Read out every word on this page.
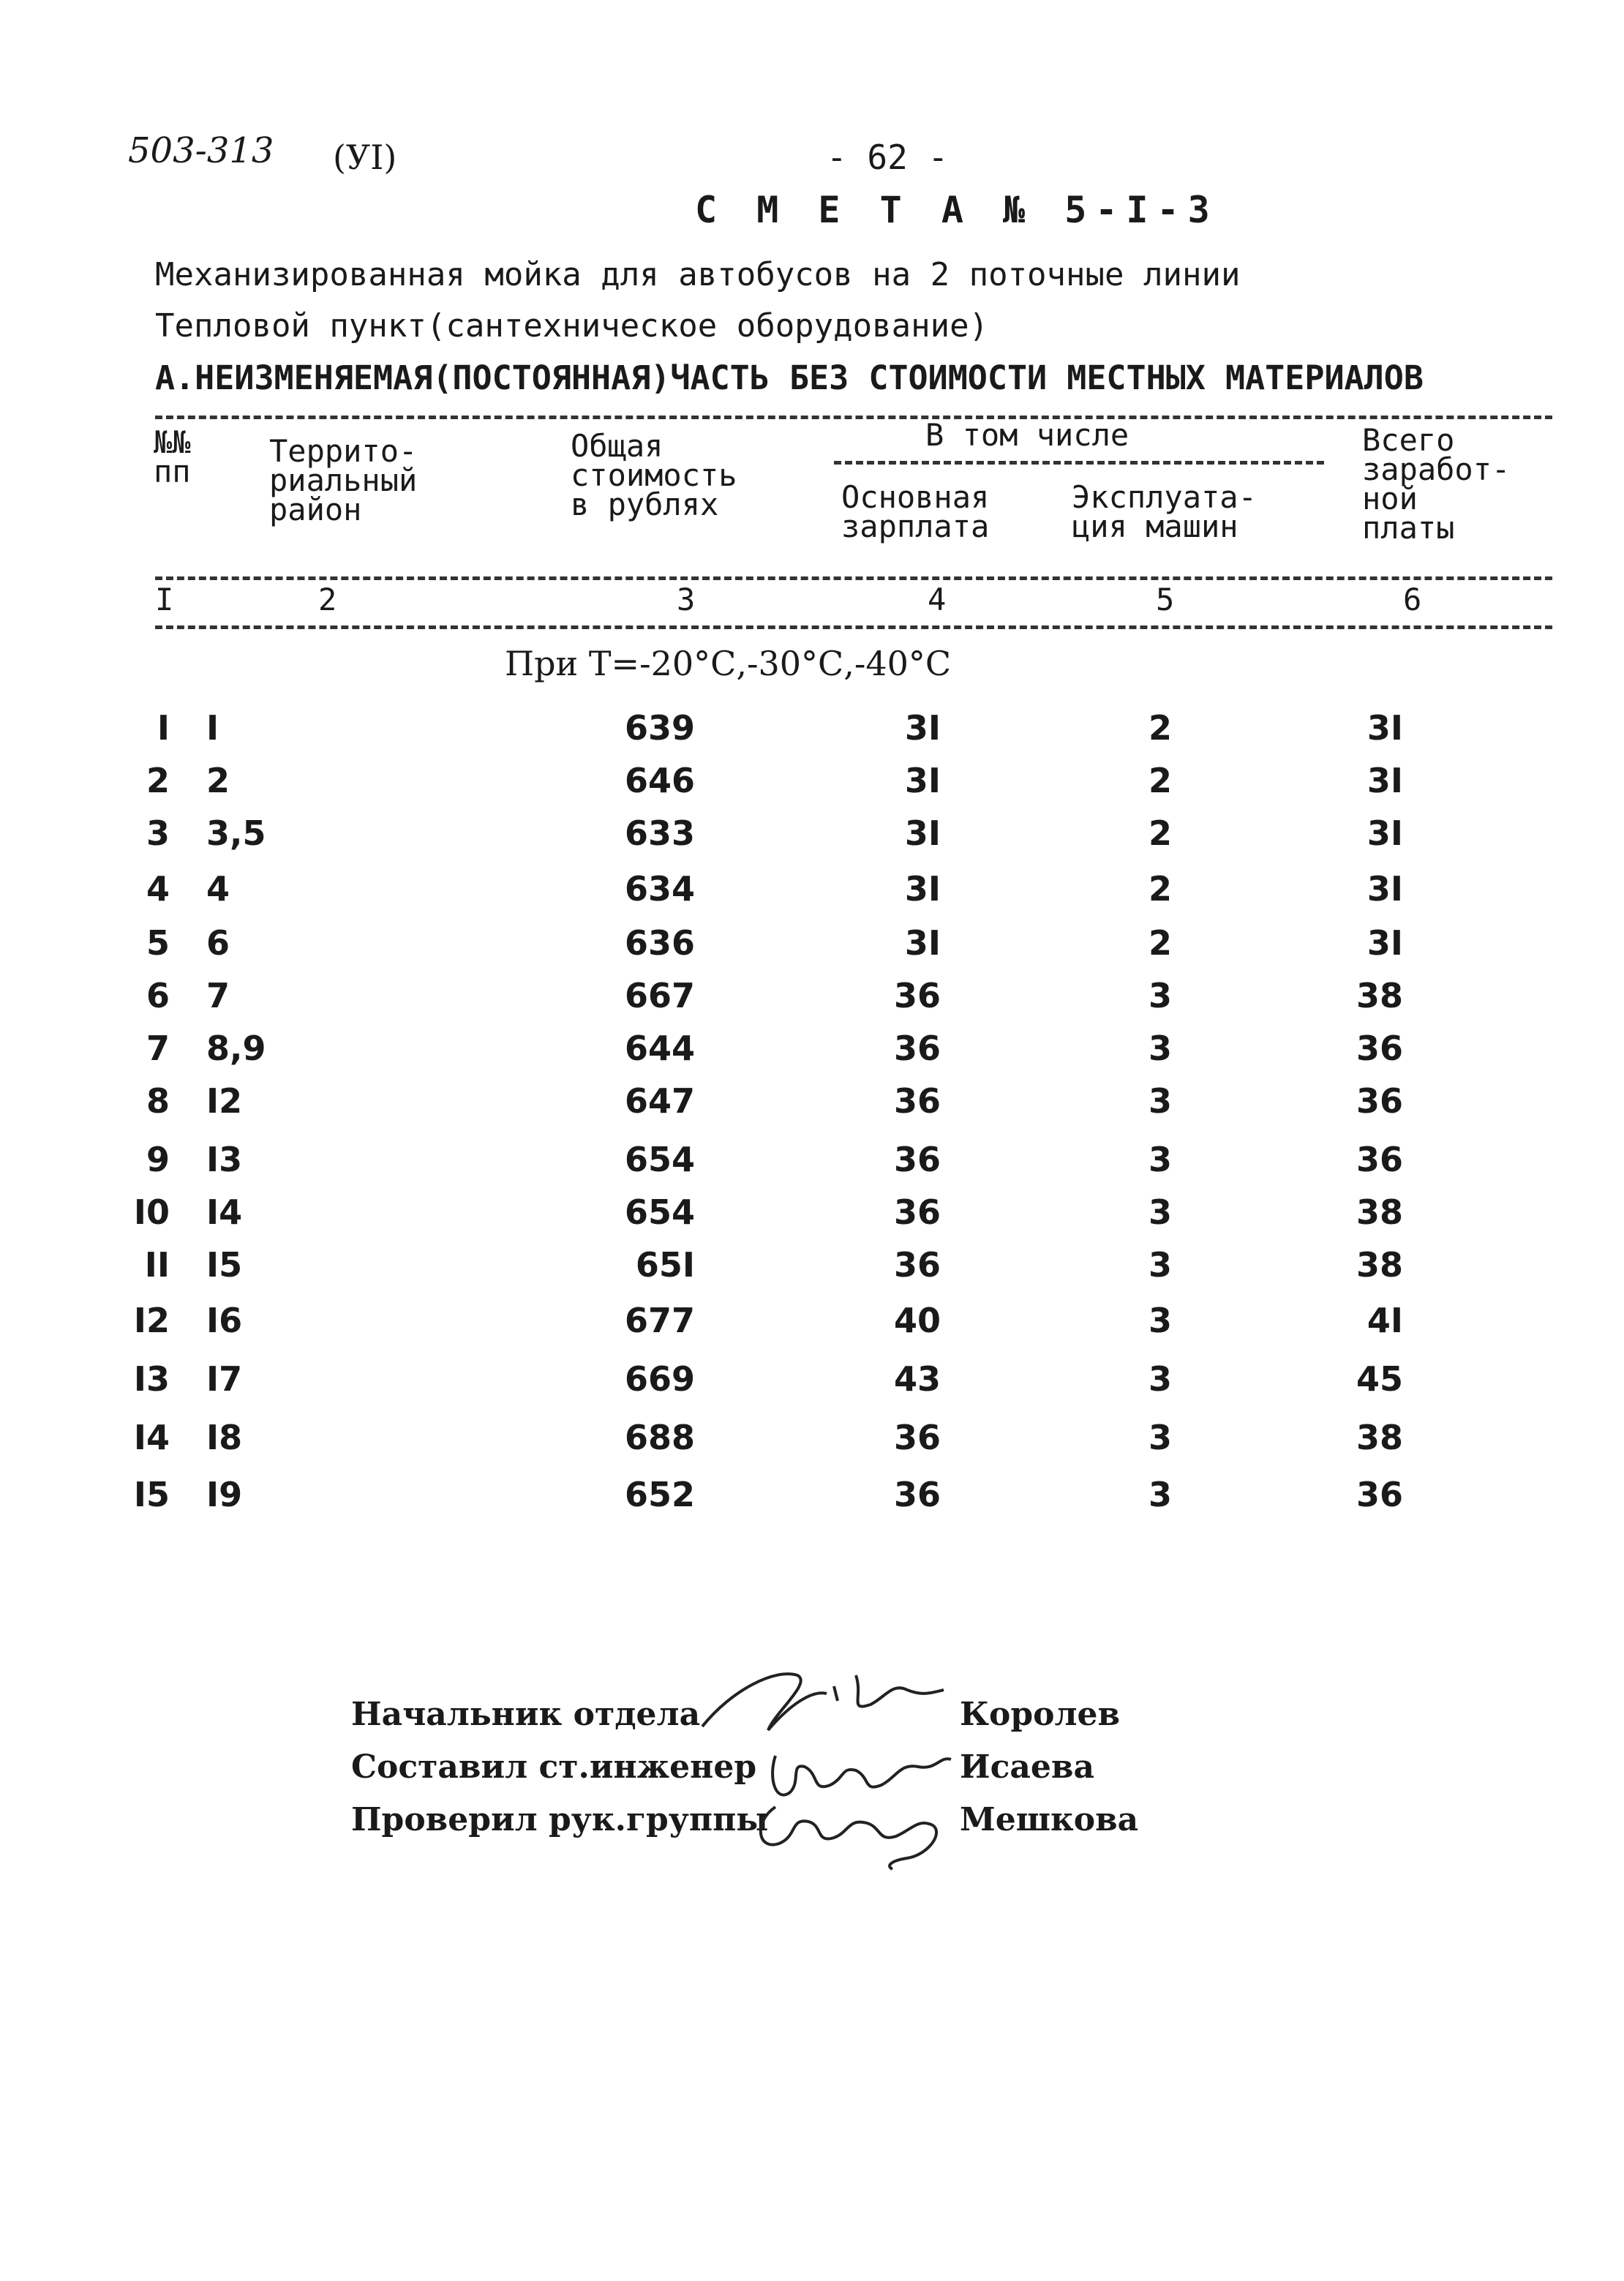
503-313 (УI)	- 62 -
С М Е Т А № 5-I-3
Механизированная мойка для автобусов на 2 поточные линии
Тепловой пункт(сантехническое оборудование)
А.НЕИЗМЕНЯЕМАЯ(ПОСТОЯННАЯ)ЧАСТЬ БЕЗ СТОИМОСТИ МЕСТНЫХ МАТЕРИАЛОВ
№№
пп
Террито-
риальный
район
Общая
стоимость
в рублях
В том числе
Основная
зарплата
Эксплуата-
ция машин
Всего
заработ-
ной
платы
I	2	3	4	5	6
При Т=-20°С,-30°С,-40°С
I I	639	3I	2	3I
2 2	646	3I	2	3I
3 3,5	633	3I	2	3I
4 4	634	3I	2	3I
5 6	636	3I	2	3I
6 7	667	36	3	38
7 8,9	644	36	3	36
8 I2	647	36	3	36
9 I3	654	36	3	36
I0 I4	654	36	3	38
II I5	65I	36	3	38
I2 I6	677	40	3	4I
I3 I7	669	43	3	45
I4 I8	688	36	3	38
I5 I9	652	36	3	36
Начальник отдела	Королев
Составил ст.инженер	Исаева
Проверил рук.группы	Мешкова
